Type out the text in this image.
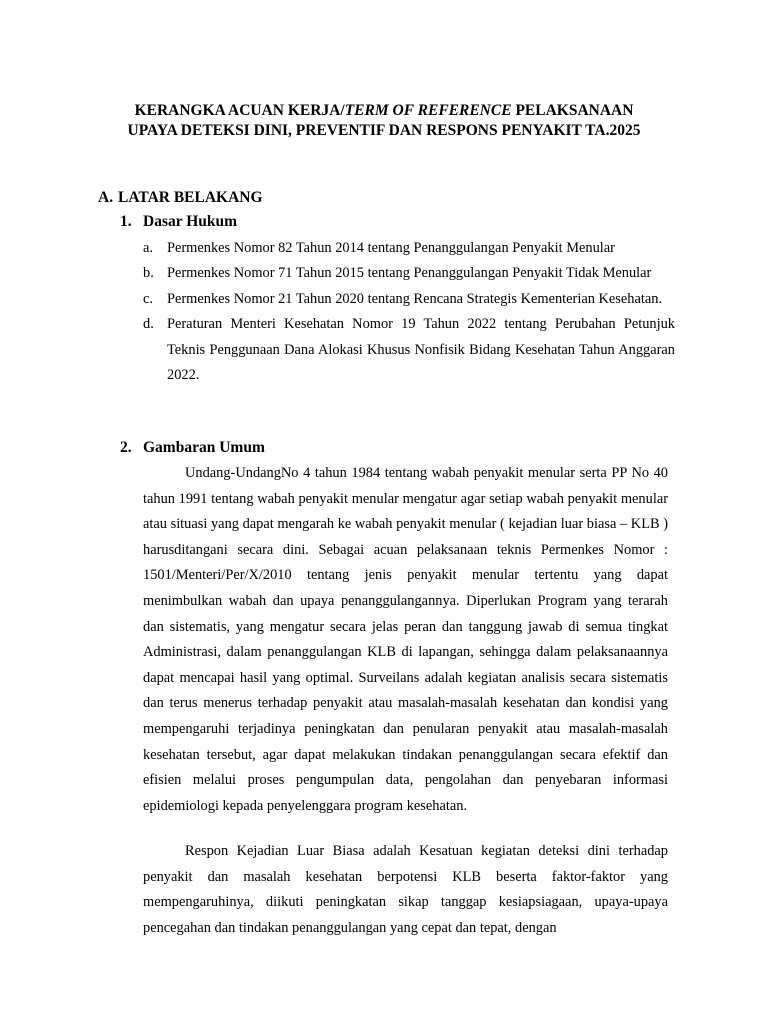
KERANGKA ACUAN KERJA/TERM OF REFERENCE PELAKSANAAN
UPAYA DETEKSI DINI, PREVENTIF DAN RESPONS PENYAKIT TA.2025
A. LATAR BELAKANG
1. Dasar Hukum
a. Permenkes Nomor 82 Tahun 2014 tentang Penanggulangan Penyakit Menular
b. Permenkes Nomor 71 Tahun 2015 tentang Penanggulangan Penyakit Tidak Menular
c. Permenkes Nomor 21 Tahun 2020 tentang Rencana Strategis Kementerian Kesehatan.
d. Peraturan Menteri Kesehatan Nomor 19 Tahun 2022 tentang Perubahan Petunjuk Teknis Penggunaan Dana Alokasi Khusus Nonfisik Bidang Kesehatan Tahun Anggaran 2022.
2. Gambaran Umum

Undang-UndangNo 4 tahun 1984 tentang wabah penyakit menular serta PP No 40 tahun 1991 tentang wabah penyakit menular mengatur agar setiap wabah penyakit menular atau situasi yang dapat mengarah ke wabah penyakit menular ( kejadian luar biasa – KLB ) harusditangani secara dini. Sebagai acuan pelaksanaan teknis Permenkes Nomor : 1501/Menteri/Per/X/2010 tentang jenis penyakit menular tertentu yang dapat menimbulkan wabah dan upaya penanggulangannya. Diperlukan Program yang terarah dan sistematis, yang mengatur secara jelas peran dan tanggung jawab di semua tingkat Administrasi, dalam penanggulangan KLB di lapangan, sehingga dalam pelaksanaannya dapat mencapai hasil yang optimal. Surveilans adalah kegiatan analisis secara sistematis dan terus menerus terhadap penyakit atau masalah-masalah kesehatan dan kondisi yang mempengaruhi terjadinya peningkatan dan penularan penyakit atau masalah-masalah kesehatan tersebut, agar dapat melakukan tindakan penanggulangan secara efektif dan efisien melalui proses pengumpulan data, pengolahan dan penyebaran informasi epidemiologi kepada penyelenggara program kesehatan.

Respon Kejadian Luar Biasa adalah Kesatuan kegiatan deteksi dini terhadap penyakit dan masalah kesehatan berpotensi KLB beserta faktor-faktor yang mempengaruhinya, diikuti peningkatan sikap tanggap kesiapsiagaan, upaya-upaya pencegahan dan tindakan penanggulangan yang cepat dan tepat, dengan
